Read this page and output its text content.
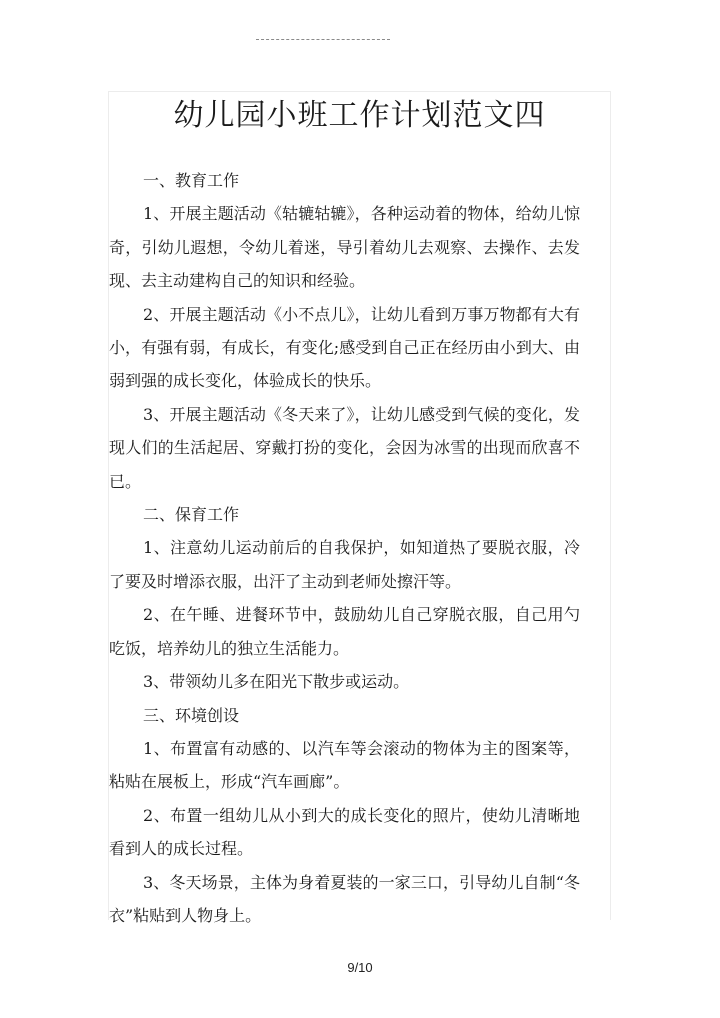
幼儿园小班工作计划范文四

一、教育工作

1、开展主题活动《轱辘轱辘》，各种运动着的物体，给幼儿惊奇，引幼儿遐想，令幼儿着迷，导引着幼儿去观察、去操作、去发现、去主动建构自己的知识和经验。

2、开展主题活动《小不点儿》，让幼儿看到万事万物都有大有小，有强有弱，有成长，有变化;感受到自己正在经历由小到大、由弱到强的成长变化，体验成长的快乐。

3、开展主题活动《冬天来了》，让幼儿感受到气候的变化，发现人们的生活起居、穿戴打扮的变化，会因为冰雪的出现而欣喜不已。

二、保育工作

1、注意幼儿运动前后的自我保护，如知道热了要脱衣服，冷了要及时增添衣服，出汗了主动到老师处擦汗等。

2、在午睡、进餐环节中，鼓励幼儿自己穿脱衣服，自己用勺吃饭，培养幼儿的独立生活能力。

3、带领幼儿多在阳光下散步或运动。

三、环境创设

1、布置富有动感的、以汽车等会滚动的物体为主的图案等，粘贴在展板上，形成“汽车画廊”。

2、布置一组幼儿从小到大的成长变化的照片，使幼儿清晰地看到人的成长过程。

3、冬天场景，主体为身着夏装的一家三口，引导幼儿自制“冬衣”粘贴到人物身上。

9/10
